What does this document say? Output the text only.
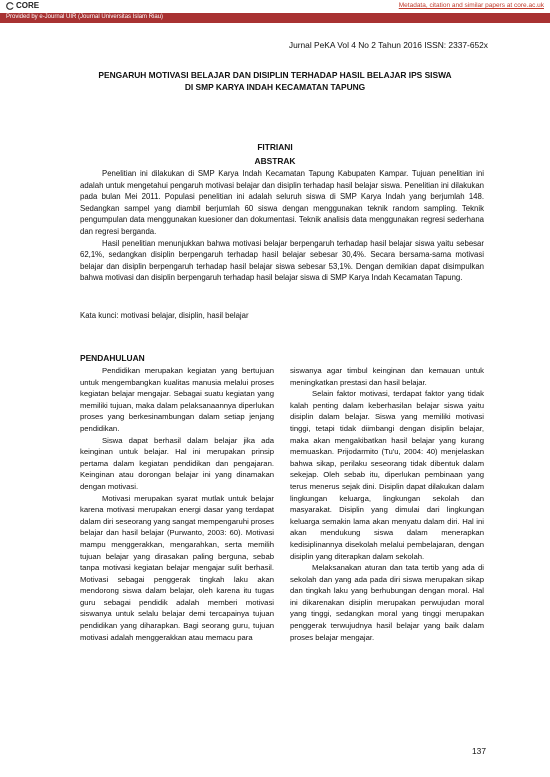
CORE	Metadata, citation and similar papers at core.ac.uk
Provided by e-Journal UIR (Journal Universitas Islam Riau)
Jurnal PeKA Vol 4 No 2 Tahun 2016 ISSN: 2337-652x
PENGARUH MOTIVASI BELAJAR DAN DISIPLIN TERHADAP HASIL BELAJAR IPS SISWA
DI SMP KARYA INDAH KECAMATAN TAPUNG
FITRIANI
ABSTRAK

Penelitian ini dilakukan di SMP Karya Indah Kecamatan Tapung Kabupaten Kampar. Tujuan penelitian ini adalah untuk mengetahui pengaruh motivasi belajar dan disiplin terhadap hasil belajar siswa. Penelitian ini dilakukan pada bulan Mei 2011. Populasi penelitian ini adalah seluruh siswa di SMP Karya Indah yang berjumlah 148. Sedangkan sampel yang diambil berjumlah 60 siswa dengan menggunakan teknik random sampling. Teknik pengumpulan data menggunakan kuesioner dan dokumentasi. Teknik analisis data menggunakan regresi sederhana dan regresi berganda.

Hasil penelitian menunjukkan bahwa motivasi belajar berpengaruh terhadap hasil belajar siswa yaitu sebesar 62,1%, sedangkan disiplin berpengaruh terhadap hasil belajar sebesar 30,4%. Secara bersama-sama motivasi belajar dan disiplin berpengaruh terhadap hasil belajar siswa sebesar 53,1%. Dengan demikian dapat disimpulkan bahwa motivasi dan disiplin berpengaruh terhadap hasil belajar siswa di SMP Karya Indah Kecamatan Tapung.

Kata kunci: motivasi belajar, disiplin, hasil belajar
PENDAHULUAN

Pendidikan merupakan kegiatan yang bertujuan untuk mengembangkan kualitas manusia melalui proses kegiatan belajar mengajar. Sebagai suatu kegiatan yang memiliki tujuan, maka dalam pelaksanaannya diperlukan proses yang berkesinambungan dalam setiap jenjang pendidikan.

Siswa dapat berhasil dalam belajar jika ada keinginan untuk belajar. Hal ini merupakan prinsip pertama dalam kegiatan pendidikan dan pengajaran. Keinginan atau dorongan belajar ini yang dinamakan dengan motivasi.

Motivasi merupakan syarat mutlak untuk belajar karena motivasi merupakan energi dasar yang terdapat dalam diri seseorang yang sangat mempengaruhi proses belajar dan hasil belajar (Purwanto, 2003: 60). Motivasi mampu menggerakkan, mengarahkan, serta memilih tujuan belajar yang dirasakan paling berguna, sebab tanpa motivasi kegiatan belajar mengajar sulit berhasil. Motivasi sebagai penggerak tingkah laku akan mendorong siswa dalam belajar, oleh karena itu tugas guru sebagai pendidik adalah memberi motivasi siswanya untuk selalu belajar demi tercapainya tujuan pendidikan yang diharapkan. Bagi seorang guru, tujuan motivasi adalah menggerakkan atau memacu para

siswanya agar timbul keinginan dan kemauan untuk meningkatkan prestasi dan hasil belajar.

Selain faktor motivasi, terdapat faktor yang tidak kalah penting dalam keberhasilan belajar siswa yaitu disiplin dalam belajar. Siswa yang memiliki motivasi tinggi, tetapi tidak diimbangi dengan disiplin belajar, maka akan mengakibatkan hasil belajar yang kurang memuaskan. Prijodarmito (Tu'u, 2004: 40) menjelaskan bahwa sikap, perilaku seseorang tidak dibentuk dalam sekejap. Oleh sebab itu, diperlukan pembinaan yang terus menerus sejak dini. Disiplin dapat dilakukan dalam lingkungan keluarga, lingkungan sekolah dan masyarakat. Disiplin yang dimulai dari lingkungan keluarga semakin lama akan menyatu dalam diri. Hal ini akan mendukung siswa dalam menerapkan kedisiplinannya disekolah melalui pembelajaran, dengan disiplin yang diterapkan dalam sekolah.

Melaksanakan aturan dan tata tertib yang ada di sekolah dan yang ada pada diri siswa merupakan sikap dan tingkah laku yang berhubungan dengan moral. Hal ini dikarenakan disiplin merupakan perwujudan moral yang tinggi, sedangkan moral yang tinggi merupakan penggerak terwujudnya hasil belajar yang baik dalam proses belajar mengajar.

137
